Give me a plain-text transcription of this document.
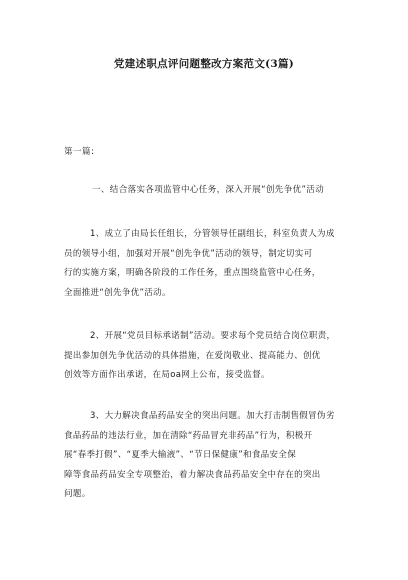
党建述职点评问题整改方案范文(3篇)
第一篇:
一、结合落实各项监管中心任务，深入开展“创先争优”活动

1、成立了由局长任组长，分管领导任副组长，科室负责人为成

员的领导小组，加强对开展“创先争优”活动的领导，制定切实可

行的实施方案，明确各阶段的工作任务，重点围绕监管中心任务，

全面推进“创先争优”活动。

2、开展“党员目标承诺制”活动。要求每个党员结合岗位职责，

提出参加创先争优活动的具体措施，在爱岗敬业、提高能力、创优

创效等方面作出承诺，在局oa网上公布，接受监督。

3、大力解决食品药品安全的突出问题。加大打击制售假冒伪劣

食品药品的违法行业，加在清除“药品冒充非药品”行为，积极开

展“春季打假”、“夏季大输液”、“节日保健康”和食品安全保

障等食品药品安全专项整治，着力解决食品药品安全中存在的突出

问题。
